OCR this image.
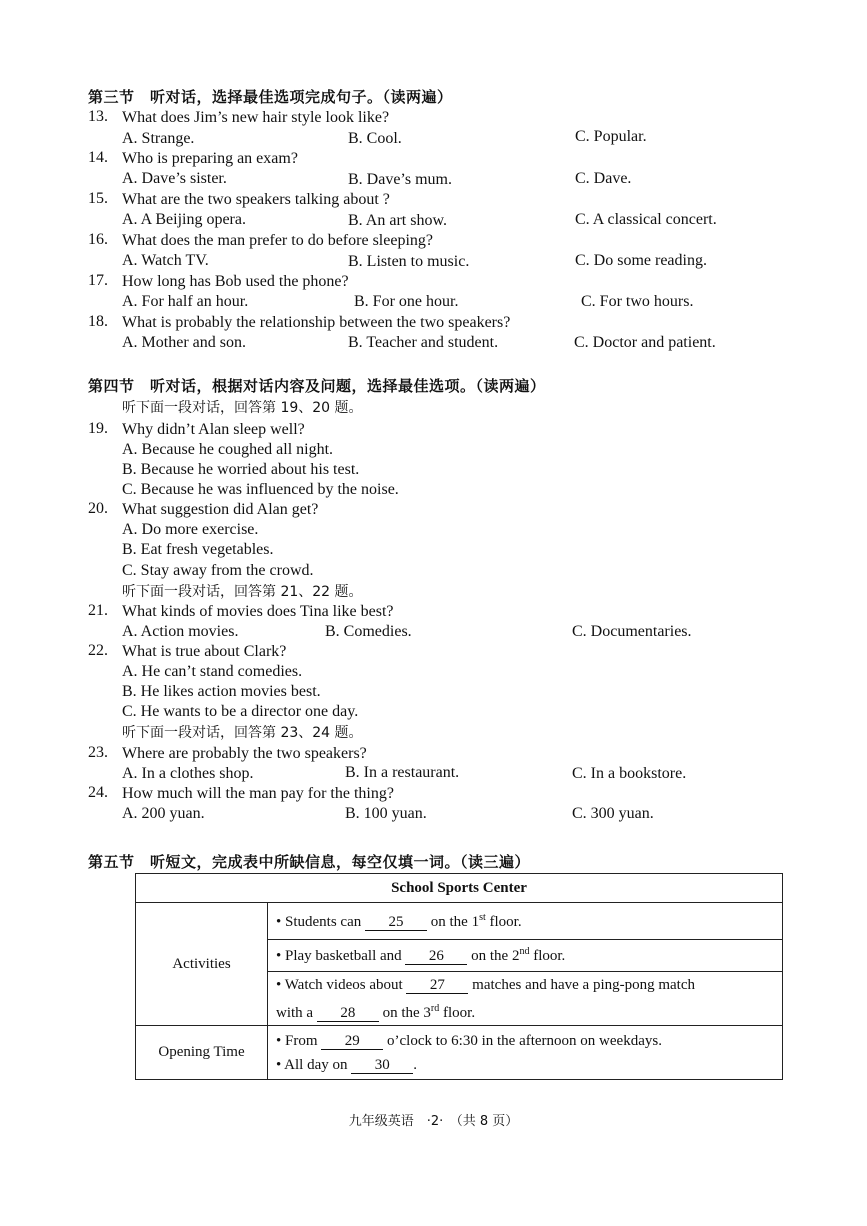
第三节　听对话，选择最佳选项完成句子。（读两遍）
13. What does Jim’s new hair style look like?
A. Strange.	B. Cool.	C. Popular.
14. Who is preparing an exam?
A. Dave’s sister.	B. Dave’s mum.	C. Dave.
15. What are the two speakers talking about ?
A. A Beijing opera.	B. An art show.	C. A classical concert.
16. What does the man prefer to do before sleeping?
A. Watch TV.	B. Listen to music.	C. Do some reading.
17. How long has Bob used the phone?
A. For half an hour.	B. For one hour.	C. For two hours.
18. What is probably the relationship between the two speakers?
A. Mother and son.	B. Teacher and student.	C. Doctor and patient.
第四节　听对话，根据对话内容及问题，选择最佳选项。（读两遍）
听下面一段对话，回答第 19、20 题。
19. Why didn’t Alan sleep well?
A. Because he coughed all night.
B. Because he worried about his test.
C. Because he was influenced by the noise.
20. What suggestion did Alan get?
A. Do more exercise.
B. Eat fresh vegetables.
C. Stay away from the crowd.
听下面一段对话，回答第 21、22 题。
21. What kinds of movies does Tina like best?
A. Action movies.	B. Comedies.	C. Documentaries.
22. What is true about Clark?
A. He can’t stand comedies.
B. He likes action movies best.
C. He wants to be a director one day.
听下面一段对话，回答第 23、24 题。
23. Where are probably the two speakers?
A. In a clothes shop.	B. In a restaurant.	C. In a bookstore.
24. How much will the man pay for the thing?
A. 200 yuan.	B. 100 yuan.	C. 300 yuan.
第五节　听短文，完成表中所缺信息，每空仅填一词。（读三遍）
School Sports Center	
Activities	• Students can 25 on the 1st floor.
	• Play basketball and 26 on the 2nd floor.
	• Watch videos about 27 matches and have a ping-pong match
with a 28 on the 3rd floor.
Opening Time	• From 29 o’clock to 6:30 in the afternoon on weekdays.
• All day on 30 .
九年级英语　·2·　（共 8 页）
